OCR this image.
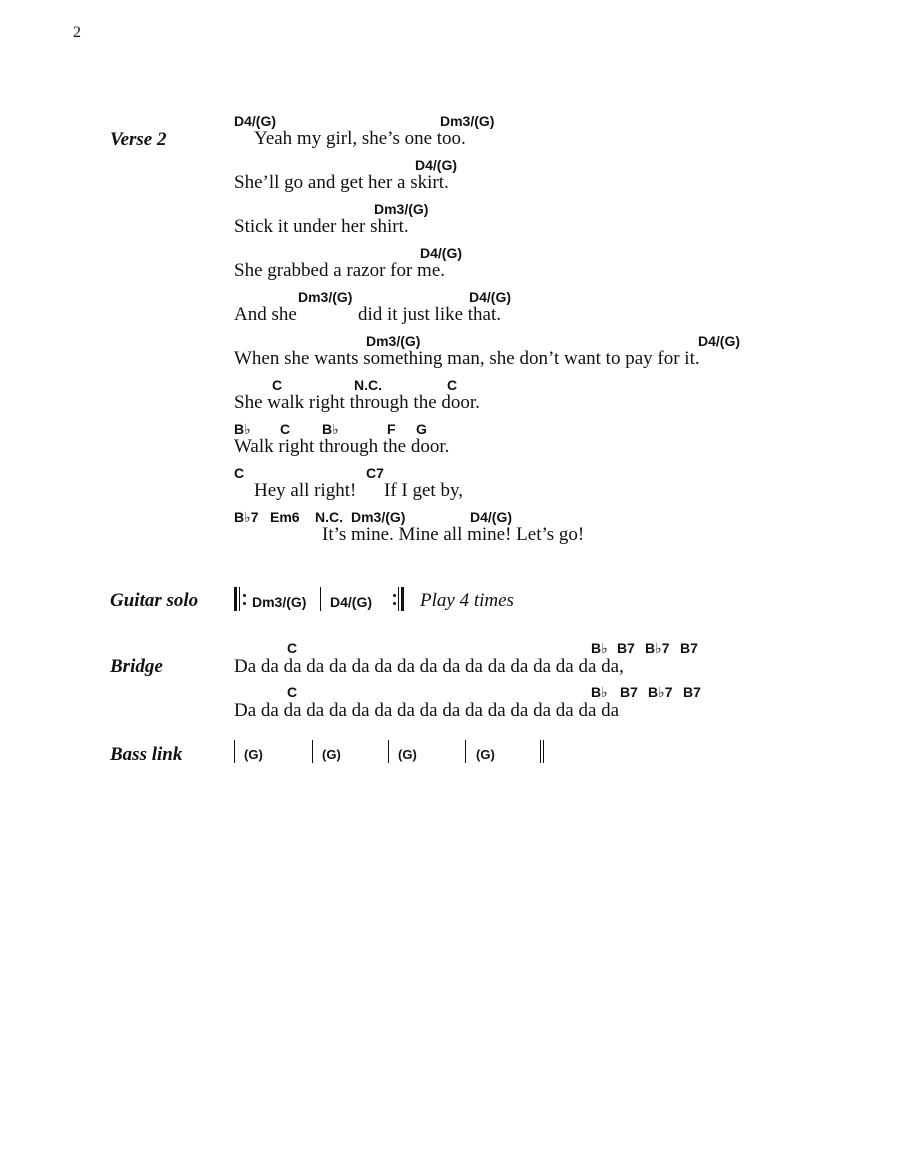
2
Verse 2
D4/(G)	Dm3/(G)
Yeah my girl, she’s one too.
D4/(G)
She’ll go and get her a skirt.
Dm3/(G)
Stick it under her shirt.
D4/(G)
She grabbed a razor for me.
Dm3/(G)	D4/(G)
And she	did it just like that.
Dm3/(G)	D4/(G)
When she wants something man, she don’t want to pay for it.
C	N.C.	C
She walk right through the door.
B♭ C B♭	F G
Walk right through the door.
C	C7
Hey all right! If I get by,
B♭7 Em6 N.C. Dm3/(G)	D4/(G)
It’s mine. Mine all mine! Let’s go!
Guitar solo	Dm3/(G) D4/(G)	Play 4 times
Bridge
C	B♭ B7 B♭7 B7
Da da da da da da da da da da da da da da da da da,
C	B♭ B7 B♭7 B7
Da da da da da da da da da da da da da da da da da
Bass link	(G)	(G)	(G)	(G)
